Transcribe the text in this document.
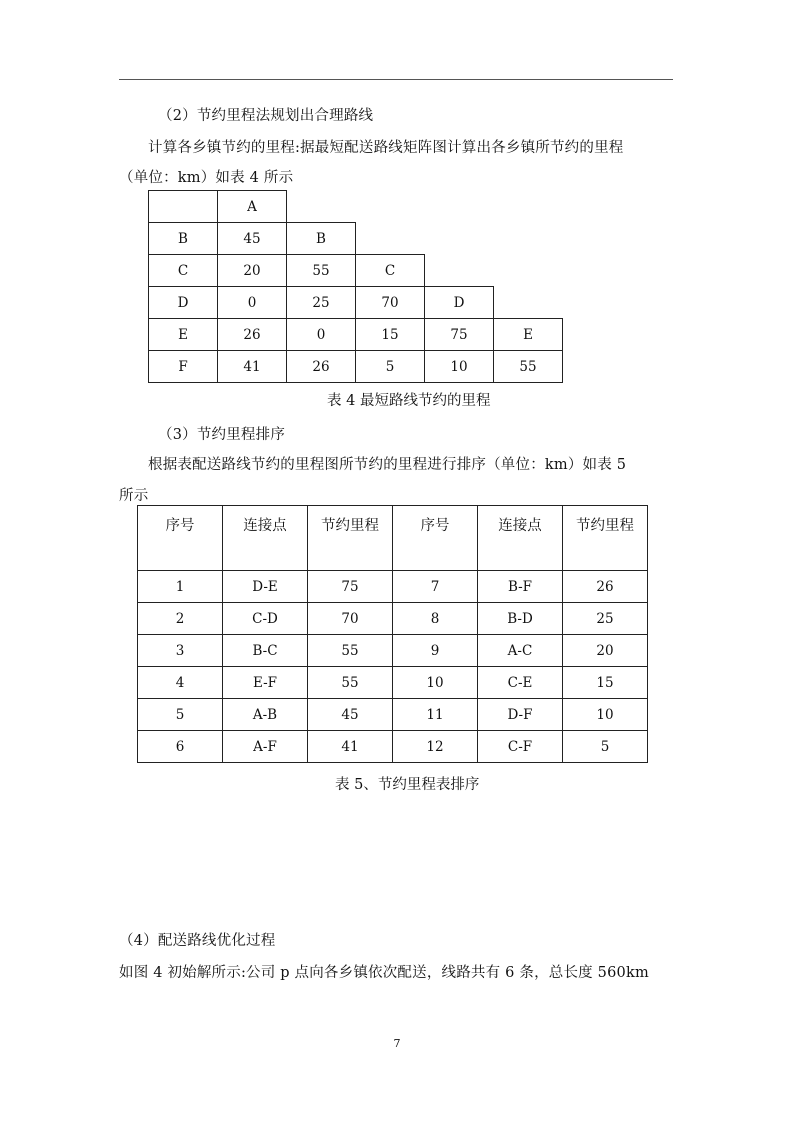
（2）节约里程法规划出合理路线
计算各乡镇节约的里程:据最短配送路线矩阵图计算出各乡镇所节约的里程
（单位：km）如表 4 所示
	A				
B	45	B			
C	20	55	C		
D	0	25	70	D	
E	26	0	15	75	E
F	41	26	5	10	55
表 4 最短路线节约的里程
（3）节约里程排序
根据表配送路线节约的里程图所节约的里程进行排序（单位：km）如表 5
所示
序号	连接点	节约里程	序号	连接点	节约里程
1	D-E	75	7	B-F	26
2	C-D	70	8	B-D	25
3	B-C	55	9	A-C	20
4	E-F	55	10	C-E	15
5	A-B	45	11	D-F	10
6	A-F	41	12	C-F	5
表 5、节约里程表排序
（4）配送路线优化过程
如图 4 初始解所示:公司 p 点向各乡镇依次配送，线路共有 6 条，总长度 560km
7
